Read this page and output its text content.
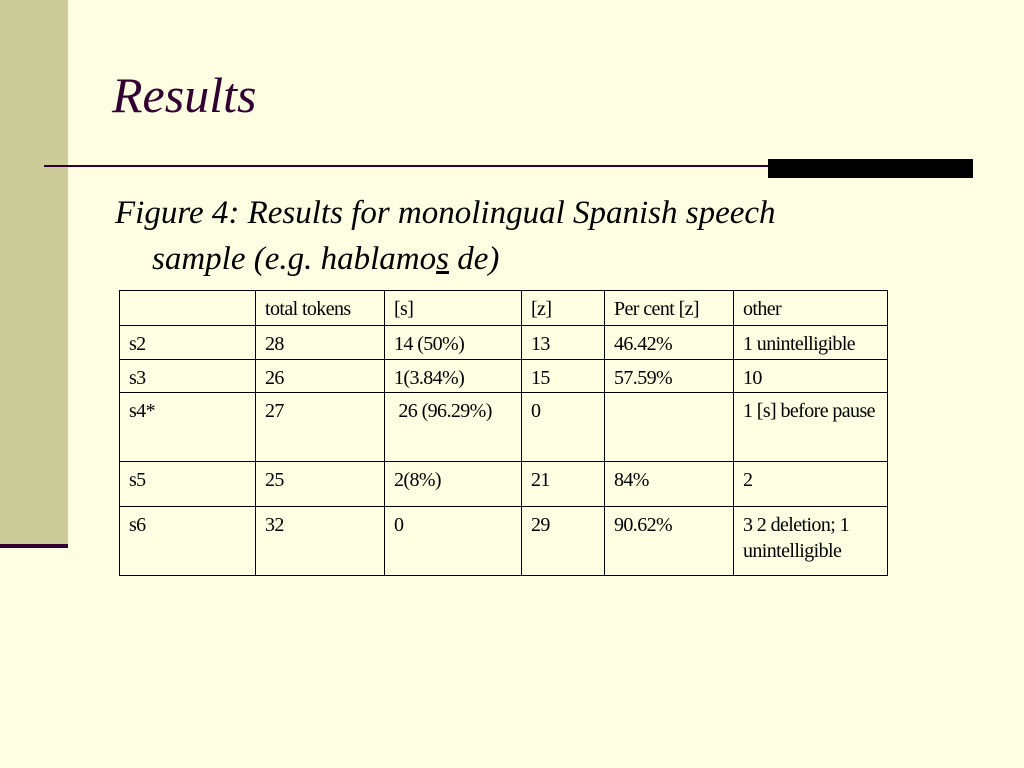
Results

Figure 4: Results for monolingual Spanish speech
sample (e.g. hablamos de)

	total tokens	[s]	[z]	Per cent [z]	other
s2	28	14 (50%)	13	46.42%	1 unintelligible
s3	26	1(3.84%)	15	57.59%	10
s4*	27	26 (96.29%)	0		1 [s] before pause
s5	25	2(8%)	21	84%	2
s6	32	0	29	90.62%	3 2 deletion; 1 unintelligible
